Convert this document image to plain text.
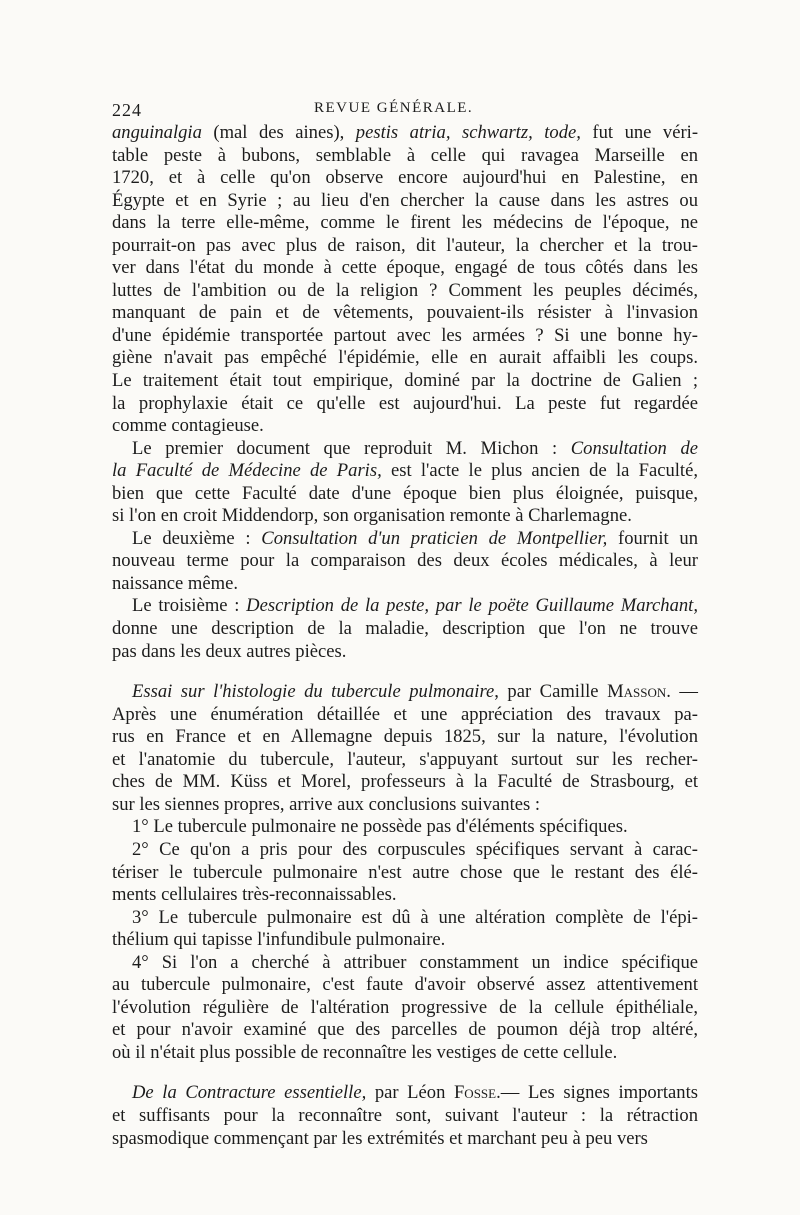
224	REVUE GÉNÉRALE.
anguinalgia (mal des aines), pestis atria, schwartz, tode, fut une véri-
table peste à bubons, semblable à celle qui ravagea Marseille en
1720, et à celle qu'on observe encore aujourd'hui en Palestine, en
Égypte et en Syrie ; au lieu d'en chercher la cause dans les astres ou
dans la terre elle-même, comme le firent les médecins de l'époque, ne
pourrait-on pas avec plus de raison, dit l'auteur, la chercher et la trou-
ver dans l'état du monde à cette époque, engagé de tous côtés dans les
luttes de l'ambition ou de la religion ? Comment les peuples décimés,
manquant de pain et de vêtements, pouvaient-ils résister à l'invasion
d'une épidémie transportée partout avec les armées ? Si une bonne hy-
giène n'avait pas empêché l'épidémie, elle en aurait affaibli les coups.
Le traitement était tout empirique, dominé par la doctrine de Galien ;
la prophylaxie était ce qu'elle est aujourd'hui. La peste fut regardée
comme contagieuse.
Le premier document que reproduit M. Michon : Consultation de
la Faculté de Médecine de Paris, est l'acte le plus ancien de la Faculté,
bien que cette Faculté date d'une époque bien plus éloignée, puisque,
si l'on en croit Middendorp, son organisation remonte à Charlemagne.
Le deuxième : Consultation d'un praticien de Montpellier, fournit un
nouveau terme pour la comparaison des deux écoles médicales, à leur
naissance même.
Le troisième : Description de la peste, par le poëte Guillaume Marchant,
donne une description de la maladie, description que l'on ne trouve
pas dans les deux autres pièces.
Essai sur l'histologie du tubercule pulmonaire, par Camille Masson. —
Après une énumération détaillée et une appréciation des travaux pa-
rus en France et en Allemagne depuis 1825, sur la nature, l'évolution
et l'anatomie du tubercule, l'auteur, s'appuyant surtout sur les recher-
ches de MM. Küss et Morel, professeurs à la Faculté de Strasbourg, et
sur les siennes propres, arrive aux conclusions suivantes :
1° Le tubercule pulmonaire ne possède pas d'éléments spécifiques.
2° Ce qu'on a pris pour des corpuscules spécifiques servant à carac-
tériser le tubercule pulmonaire n'est autre chose que le restant des élé-
ments cellulaires très-reconnaissables.
3° Le tubercule pulmonaire est dû à une altération complète de l'épi-
thélium qui tapisse l'infundibule pulmonaire.
4° Si l'on a cherché à attribuer constamment un indice spécifique
au tubercule pulmonaire, c'est faute d'avoir observé assez attentivement
l'évolution régulière de l'altération progressive de la cellule épithéliale,
et pour n'avoir examiné que des parcelles de poumon déjà trop altéré,
où il n'était plus possible de reconnaître les vestiges de cette cellule.
De la Contracture essentielle, par Léon Fosse.— Les signes importants
et suffisants pour la reconnaître sont, suivant l'auteur : la rétraction
spasmodique commençant par les extrémités et marchant peu à peu vers
